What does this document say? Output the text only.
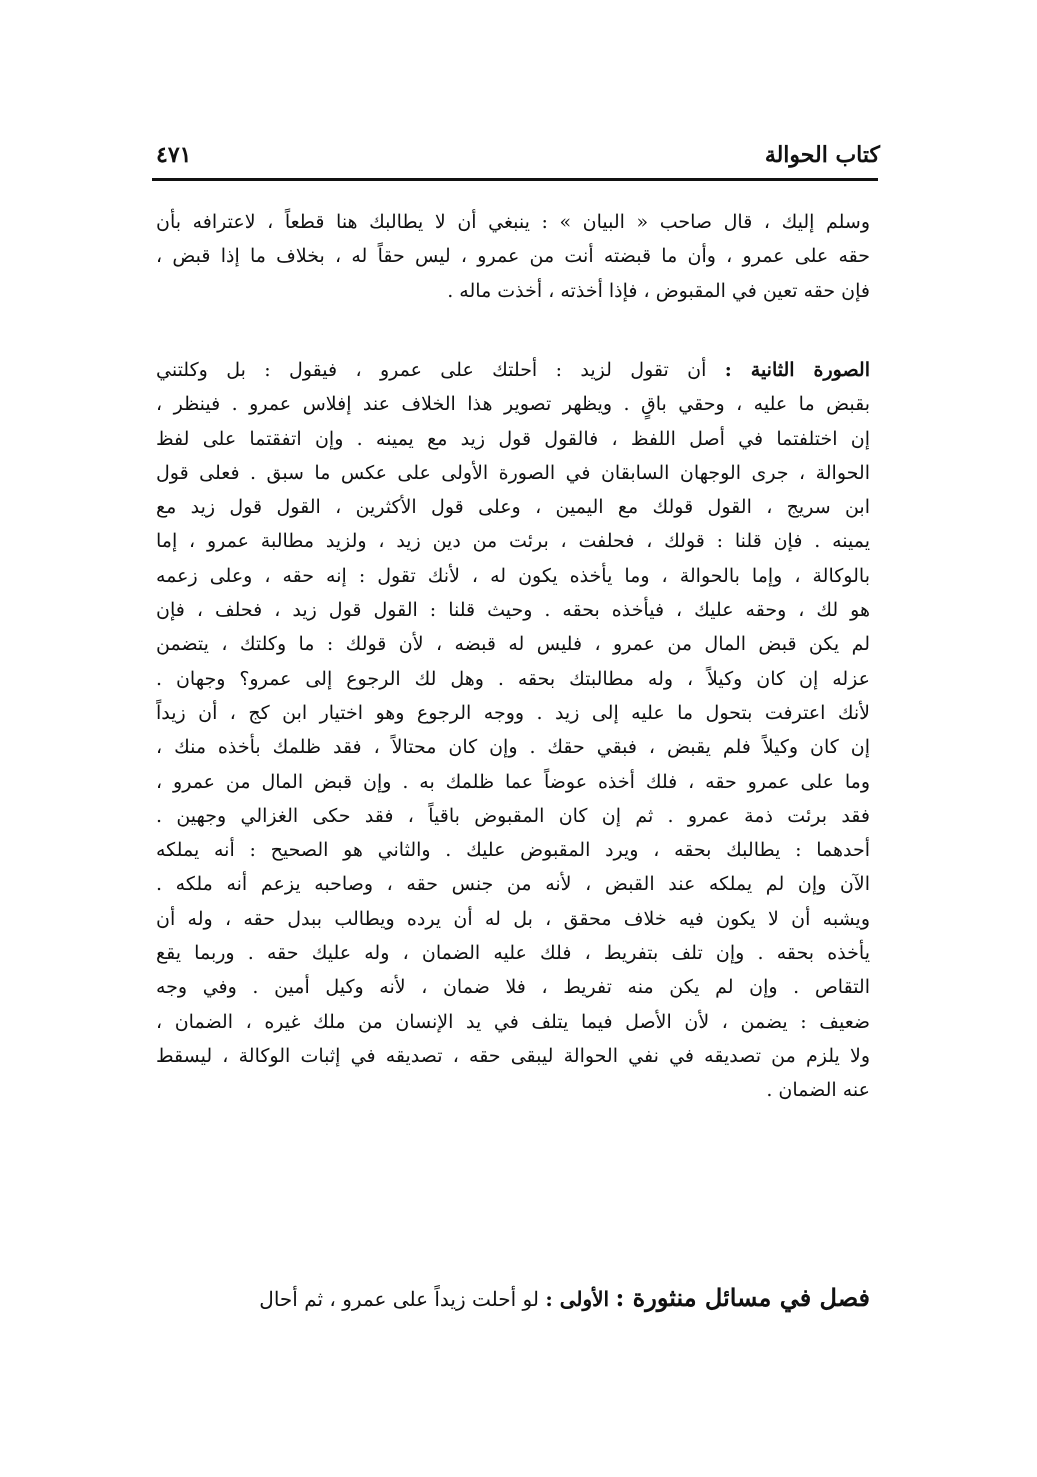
كتاب الحوالة
٤٧١
وسلم إليك ، قال صاحب « البيان » : ينبغي أن لا يطالبك هنا قطعاً ، لاعترافه بأن
حقه على عمرو ، وأن ما قبضته أنت من عمرو ، ليس حقاً له ، بخلاف ما إذا قبض ،
فإن حقه تعين في المقبوض ، فإذا أخذته ، أخذت ماله .
الصورة الثانية : أن تقول لزيد : أحلتك على عمرو ، فيقول : بل وكلتني
بقبض ما عليه ، وحقي باقٍ . ويظهر تصوير هذا الخلاف عند إفلاس عمرو . فينظر ،
إن اختلفتما في أصل اللفظ ، فالقول قول زيد مع يمينه . وإن اتفقتما على لفظ
الحوالة ، جرى الوجهان السابقان في الصورة الأولى على عكس ما سبق . فعلى قول
ابن سريج ، القول قولك مع اليمين ، وعلى قول الأكثرين ، القول قول زيد مع
يمينه . فإن قلنا : قولك ، فحلفت ، برئت من دين زيد ، ولزيد مطالبة عمرو ، إما
بالوكالة ، وإما بالحوالة ، وما يأخذه يكون له ، لأنك تقول : إنه حقه ، وعلى زعمه
هو لك ، وحقه عليك ، فيأخذه بحقه . وحيث قلنا : القول قول زيد ، فحلف ، فإن
لم يكن قبض المال من عمرو ، فليس له قبضه ، لأن قولك : ما وكلتك ، يتضمن
عزله إن كان وكيلاً ، وله مطالبتك بحقه . وهل لك الرجوع إلى عمرو؟ وجهان .
لأنك اعترفت بتحول ما عليه إلى زيد . ووجه الرجوع وهو اختيار ابن كج ، أن زيداً
إن كان وكيلاً فلم يقبض ، فبقي حقك . وإن كان محتالاً ، فقد ظلمك بأخذه منك ،
وما على عمرو حقه ، فلك أخذه عوضاً عما ظلمك به . وإن قبض المال من عمرو ،
فقد برئت ذمة عمرو . ثم إن كان المقبوض باقياً ، فقد حكى الغزالي وجهين .
أحدهما : يطالبك بحقه ، ويرد المقبوض عليك . والثاني هو الصحيح : أنه يملكه
الآن وإن لم يملكه عند القبض ، لأنه من جنس حقه ، وصاحبه يزعم أنه ملكه .
ويشبه أن لا يكون فيه خلاف محقق ، بل له أن يرده ويطالب ببدل حقه ، وله أن
يأخذه بحقه . وإن تلف بتفريط ، فلك عليه الضمان ، وله عليك حقه . وربما يقع
التقاص . وإن لم يكن منه تفريط ، فلا ضمان ، لأنه وكيل أمين . وفي وجه
ضعيف : يضمن ، لأن الأصل فيما يتلف في يد الإنسان من ملك غيره ، الضمان ،
ولا يلزم من تصديقه في نفي الحوالة ليبقى حقه ، تصديقه في إثبات الوكالة ، ليسقط
عنه الضمان .
فصل في مسائل منثورة : الأولى : لو أحلت زيداً على عمرو ، ثم أحال
